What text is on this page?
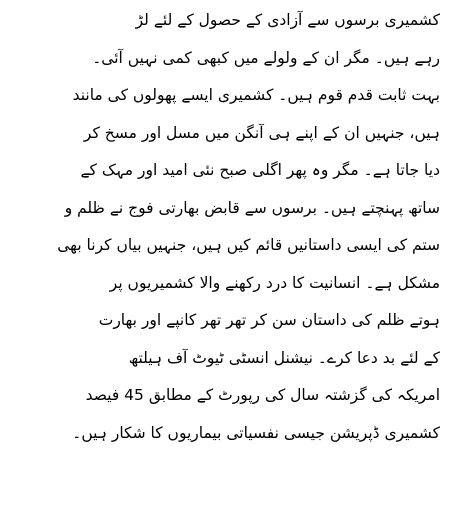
کشمیری برسوں سے آزادی کے حصول کے لئے لڑ
رہے ہیں۔ مگر ان کے ولولے میں کبھی کمی نہیں آئی۔
بہت ثابت قدم قوم ہیں۔ کشمیری ایسے پھولوں کی مانند
ہیں، جنہیں ان کے اپنے ہی آنگن میں مسل اور مسخ کر
دیا جاتا ہے۔ مگر وہ پھر اگلی صبح نئی امید اور مہک کے
ساتھ پہنچتے ہیں۔ برسوں سے قابض بھارتی فوج نے ظلم و
ستم کی ایسی داستانیں قائم کیں ہیں، جنہیں بیاں کرنا بھی
مشکل ہے۔ انسانیت کا درد رکھنے والا کشمیریوں پر
ہوتے ظلم کی داستان سن کر تھر تھر کانپے اور بھارت
کے لئے بد دعا کرے۔ نیشنل انسٹی ٹیوٹ آف ہیلتھ
امریکہ کی گزشتہ سال کی رپورٹ کے مطابق 45 فیصد
کشمیری ڈپریشن جیسی نفسیاتی بیماریوں کا شکار ہیں۔
